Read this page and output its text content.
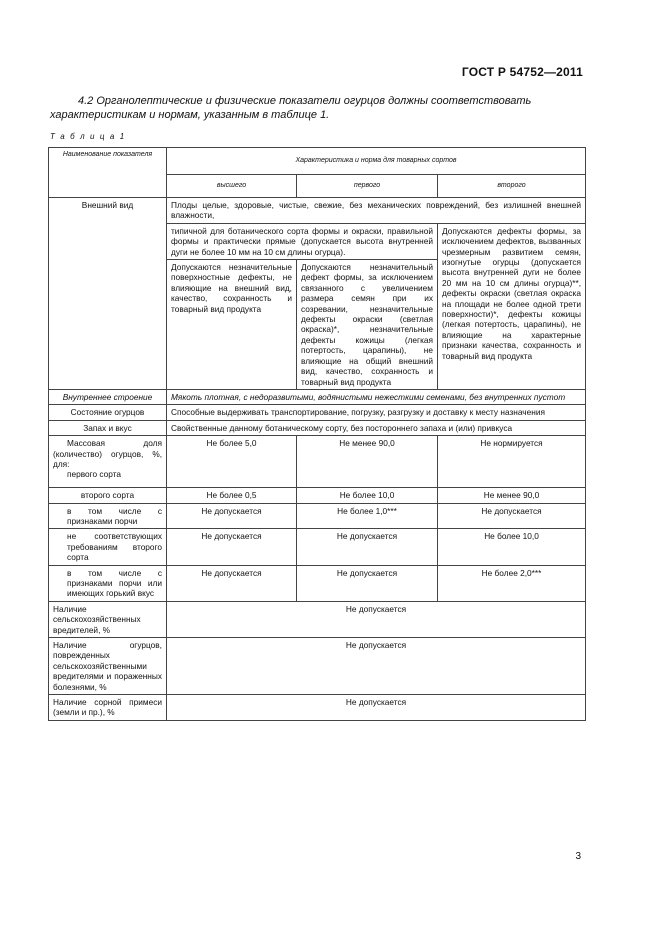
ГОСТ Р 54752—2011
4.2 Органолептические и физические показатели огурцов должны соответствовать характеристикам и нормам, указанным в таблице 1.
Т а б л и ц а 1
Наименование показателя	Характеристика и норма для товарных сортов		
	высшего	первого	второго
Внешний вид	Плоды целые, здоровые, чистые, свежие, без механических повреждений, без излишней внешней влажности,		
	типичной для ботанического сорта формы и окраски, правильной формы и практически прямые (допускается высота внутренней дуги не более 10 мм на 10 см длины огурца).		Допускаются дефекты формы, за исключением дефектов, вызванных чрезмерным развитием семян, изогнутые огурцы (допускается высота внутренней дуги не более 20 мм на 10 см длины огурца)**, дефекты окраски (светлая окраска на площади не более одной трети поверхности)*, дефекты кожицы (легкая потертость, царапины), не влияющие на характерные признаки качества, сохранность и товарный вид продукта
	Допускаются незначительные поверхностные дефекты, не влияющие на внешний вид, качество, сохранность и товарный вид продукта	Допускаются незначительный дефект формы, за исключением связанного с увеличением размера семян при их созревании, незначительные дефекты окраски (светлая окраска)*, незначительные дефекты кожицы (легкая потертость, царапины), не влияющие на общий внешний вид, качество, сохранность и товарный вид продукта	
Внутреннее строение	Мякоть плотная, с недоразвитыми, водянистыми нежесткими семенами, без внутренних пустот		
Состояние огурцов	Способные выдерживать транспортирование, погрузку, разгрузку и доставку к месту назначения		
Запах и вкус	Свойственные данному ботаническому сорту, без постороннего запаха и (или) привкуса		

Массовая доля (количество) огурцов, %, для:
первого сорта	Не более 5,0	Не менее 90,0	Не нормируется
второго сорта	Не более 0,5	Не более 10,0	Не менее 90,0
в том числе с признаками порчи	Не допускается	Не более 1,0***	Не допускается
не соответствующих требованиям второго сорта	Не допускается	Не допускается	Не более 10,0
в том числе с признаками порчи или имеющих горький вкус	Не допускается	Не допускается	Не более 2,0***
Наличие сельскохозяйственных вредителей, %	Не допускается		
Наличие огурцов, поврежденных сельскохозяйственными вредителями и пораженных болезнями, %	Не допускается		
Наличие сорной примеси (земли и пр.), %	Не допускается		
3
